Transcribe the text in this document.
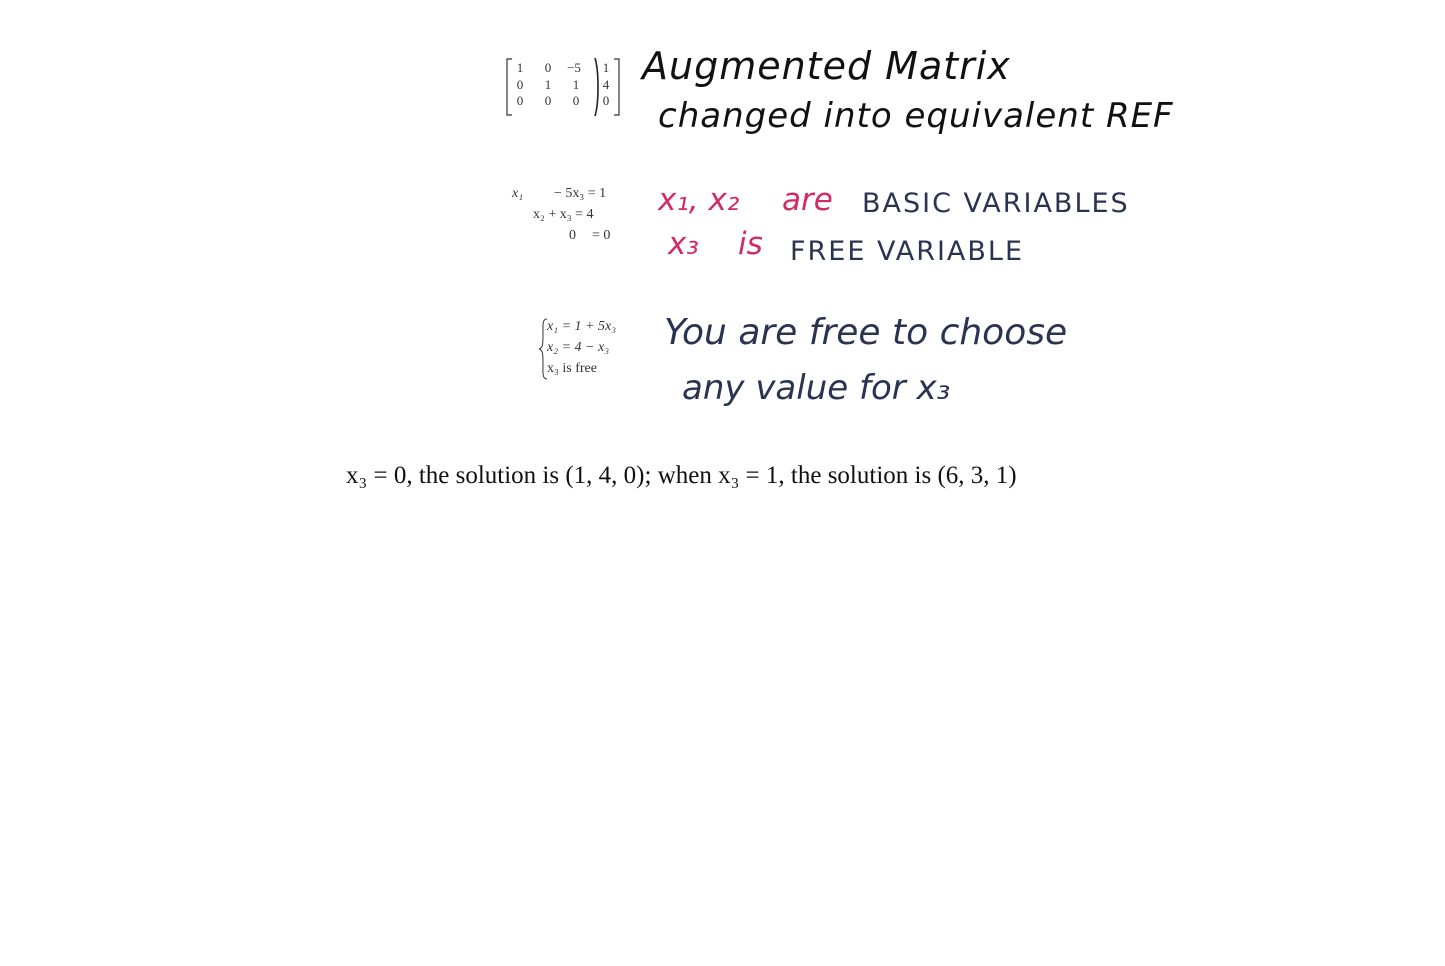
1	0	−5	1
0	1	1	4
0	0	0	0
Augmented Matrix
changed into equivalent REF
x₁ − 5x₃ = 1
x₂ + x₃ = 4
0 = 0
x₁, x₂ are BASIC VARIABLES
x₃ is FREE VARIABLE
x₁ = 1 + 5x₃
x₂ = 4 − x₃
x₃ is free
You are free to choose
any value for x₃
x₃ = 0, the solution is (1, 4, 0); when x₃ = 1, the solution is (6, 3, 1)
